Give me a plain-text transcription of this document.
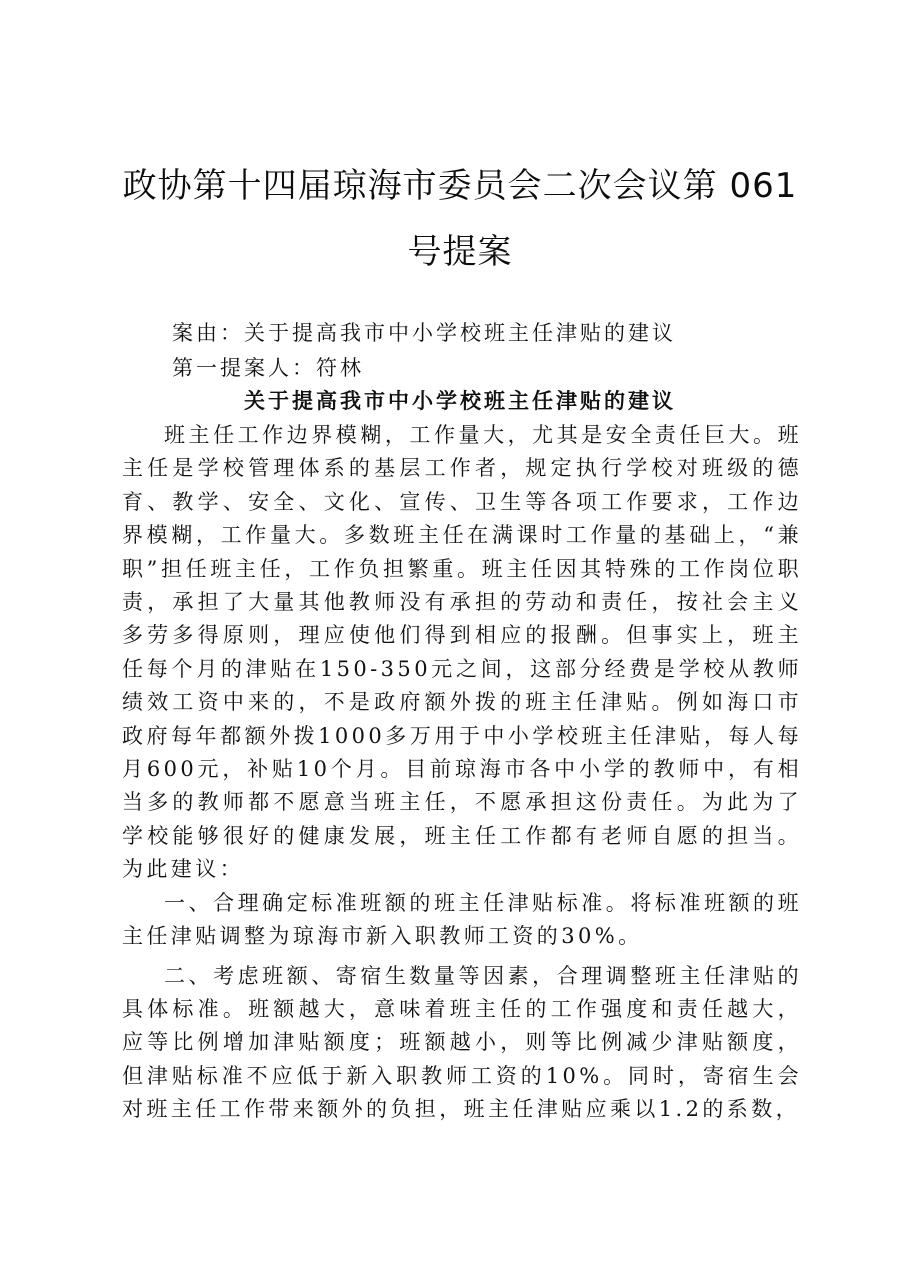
政协第十四届琼海市委员会二次会议第 061
号提案
案由：关于提高我市中小学校班主任津贴的建议
第一提案人：符林
关于提高我市中小学校班主任津贴的建议

班主任工作边界模糊，工作量大，尤其是安全责任巨大。班主任是学校管理体系的基层工作者，规定执行学校对班级的德育、教学、安全、文化、宣传、卫生等各项工作要求，工作边界模糊，工作量大。多数班主任在满课时工作量的基础上，“兼职”担任班主任，工作负担繁重。班主任因其特殊的工作岗位职责，承担了大量其他教师没有承担的劳动和责任，按社会主义多劳多得原则，理应使他们得到相应的报酬。但事实上，班主任每个月的津贴在150-350元之间，这部分经费是学校从教师绩效工资中来的，不是政府额外拨的班主任津贴。例如海口市政府每年都额外拨1000多万用于中小学校班主任津贴，每人每月600元，补贴10个月。目前琼海市各中小学的教师中，有相当多的教师都不愿意当班主任，不愿承担这份责任。为此为了学校能够很好的健康发展，班主任工作都有老师自愿的担当。为此建议：

一、合理确定标准班额的班主任津贴标准。将标准班额的班主任津贴调整为琼海市新入职教师工资的30%。

二、考虑班额、寄宿生数量等因素，合理调整班主任津贴的具体标准。班额越大，意味着班主任的工作强度和责任越大，应等比例增加津贴额度；班额越小，则等比例减少津贴额度，但津贴标准不应低于新入职教师工资的10%。同时，寄宿生会对班主任工作带来额外的负担，班主任津贴应乘以1.2的系数，
